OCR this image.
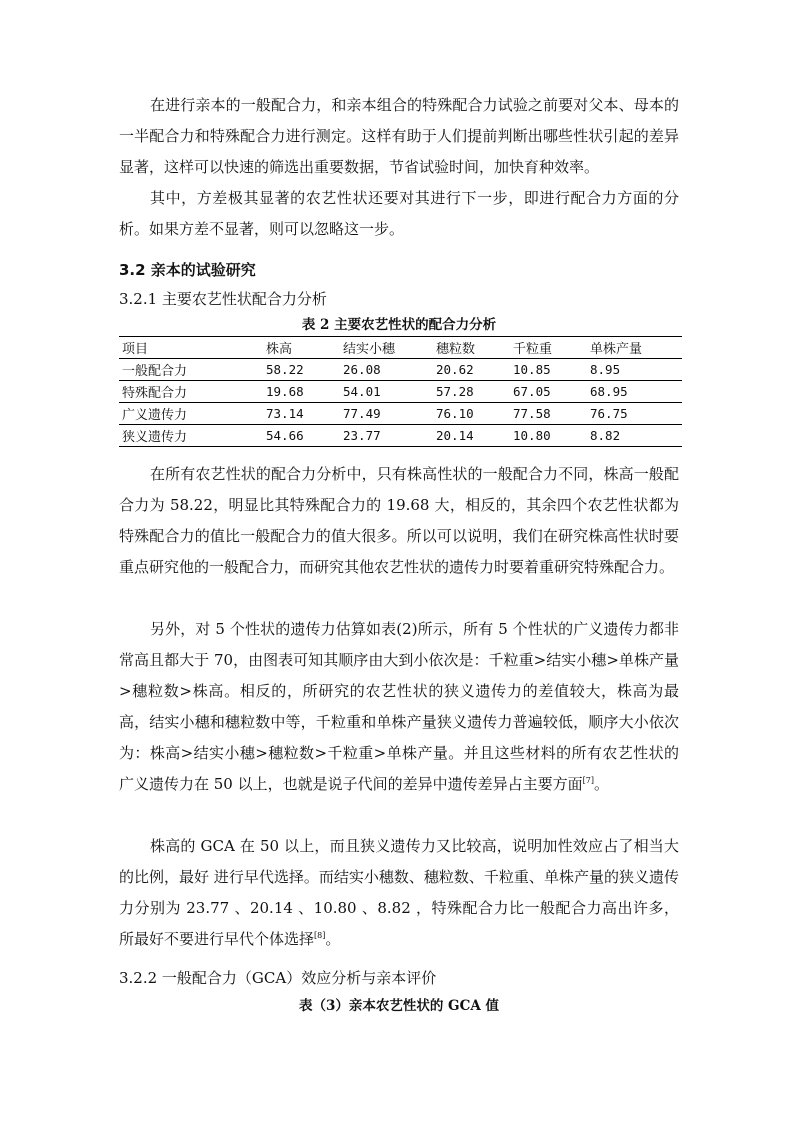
在进行亲本的一般配合力，和亲本组合的特殊配合力试验之前要对父本、母本的一半配合力和特殊配合力进行测定。这样有助于人们提前判断出哪些性状引起的差异显著，这样可以快速的筛选出重要数据，节省试验时间，加快育种效率。

其中，方差极其显著的农艺性状还要对其进行下一步，即进行配合力方面的分析。如果方差不显著，则可以忽略这一步。

3.2 亲本的试验研究

3.2.1 主要农艺性状配合力分析

表 2 主要农艺性状的配合力分析

项目	株高	结实小穗	穗粒数	千粒重	单株产量
一般配合力	58.22	26.08	20.62	10.85	8.95
特殊配合力	19.68	54.01	57.28	67.05	68.95
广义遗传力	73.14	77.49	76.10	77.58	76.75
狭义遗传力	54.66	23.77	20.14	10.80	8.82

在所有农艺性状的配合力分析中，只有株高性状的一般配合力不同，株高一般配合力为 58.22，明显比其特殊配合力的 19.68 大，相反的，其余四个农艺性状都为特殊配合力的值比一般配合力的值大很多。所以可以说明，我们在研究株高性状时要重点研究他的一般配合力，而研究其他农艺性状的遗传力时要着重研究特殊配合力。

另外，对 5 个性状的遗传力估算如表(2)所示，所有 5 个性状的广义遗传力都非常高且都大于 70，由图表可知其顺序由大到小依次是：千粒重>结实小穗>单株产量>穗粒数>株高。相反的，所研究的农艺性状的狭义遗传力的差值较大，株高为最高，结实小穗和穗粒数中等，千粒重和单株产量狭义遗传力普遍较低，顺序大小依次为：株高>结实小穗>穗粒数>千粒重>单株产量。并且这些材料的所有农艺性状的广义遗传力在 50 以上，也就是说子代间的差异中遗传差异占主要方面[7]。

株高的 GCA 在 50 以上，而且狭义遗传力又比较高，说明加性效应占了相当大的比例，最好 进行早代选择。而结实小穗数、穗粒数、千粒重、单株产量的狭义遗传力分别为 23.77 、20.14 、10.80 、8.82 ，特殊配合力比一般配合力高出许多，所最好不要进行早代个体选择[8]。

3.2.2 一般配合力（GCA）效应分析与亲本评价

表（3）亲本农艺性状的 GCA 值
